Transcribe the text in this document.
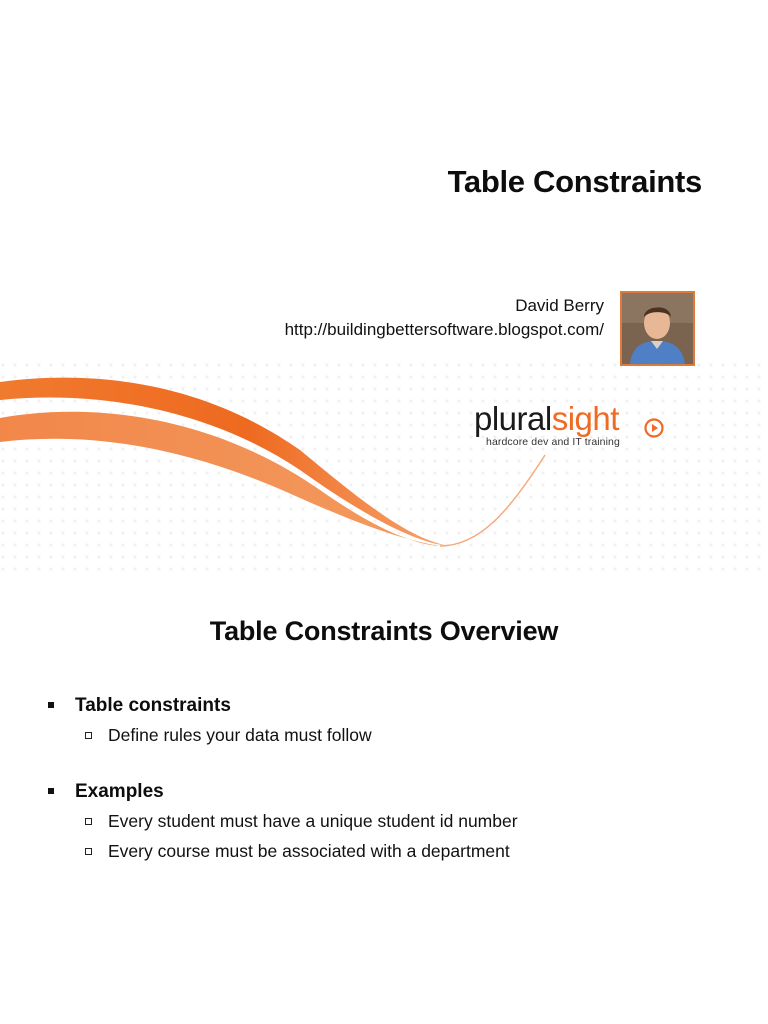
Table Constraints
David Berry
http://buildingbettersoftware.blogspot.com/
pluralsight
hardcore dev and IT training
Table Constraints Overview
Table constraints
Define rules your data must follow
Examples
Every student must have a unique student id number
Every course must be associated with a department
